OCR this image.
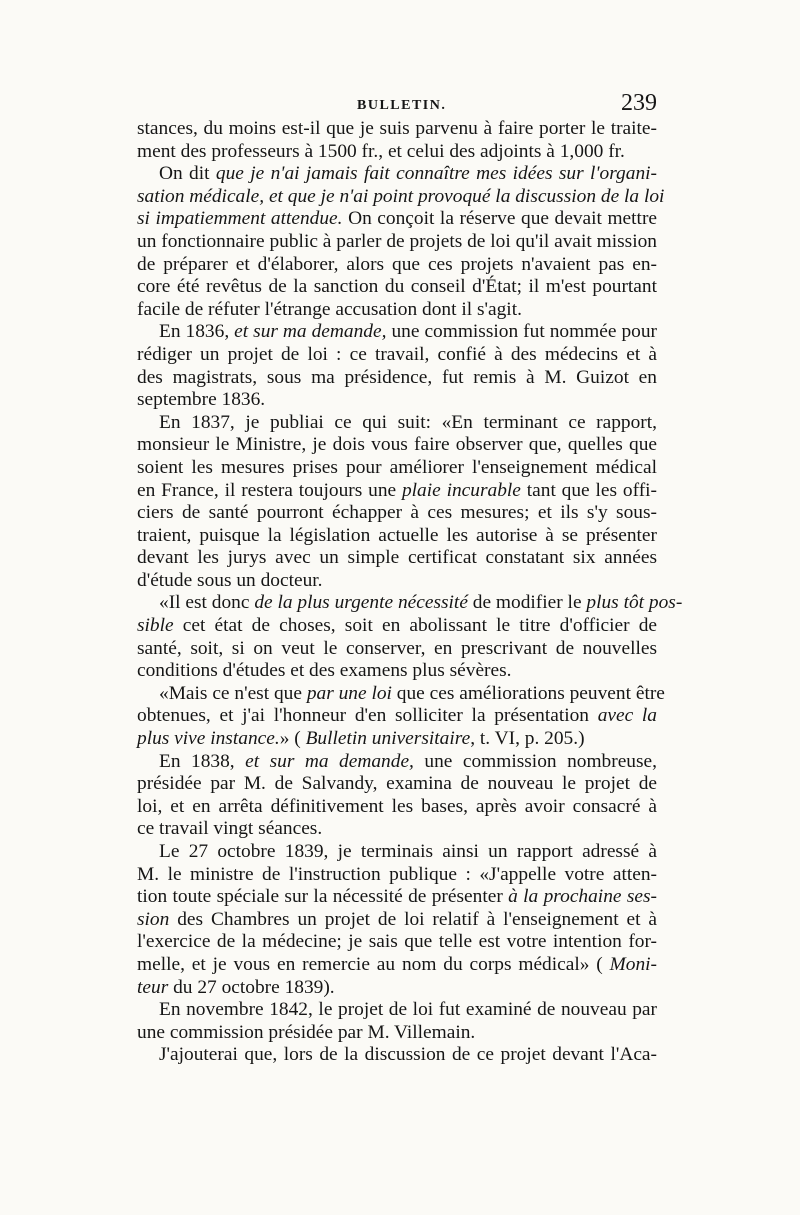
BULLETIN.	239
stances, du moins est-il que je suis parvenu à faire porter le traite-
ment des professeurs à 1500 fr., et celui des adjoints à 1,000 fr.
On dit que je n'ai jamais fait connaître mes idées sur l'organi-
sation médicale, et que je n'ai point provoqué la discussion de la loi
si impatiemment attendue. On conçoit la réserve que devait mettre
un fonctionnaire public à parler de projets de loi qu'il avait mission
de préparer et d'élaborer, alors que ces projets n'avaient pas en-
core été revêtus de la sanction du conseil d'État; il m'est pourtant
facile de réfuter l'étrange accusation dont il s'agit.
En 1836, et sur ma demande, une commission fut nommée pour
rédiger un projet de loi : ce travail, confié à des médecins et à
des magistrats, sous ma présidence, fut remis à M. Guizot en
septembre 1836.
En 1837, je publiai ce qui suit: «En terminant ce rapport,
monsieur le Ministre, je dois vous faire observer que, quelles que
soient les mesures prises pour améliorer l'enseignement médical
en France, il restera toujours une plaie incurable tant que les offi-
ciers de santé pourront échapper à ces mesures; et ils s'y sous-
traient, puisque la législation actuelle les autorise à se présenter
devant les jurys avec un simple certificat constatant six années
d'étude sous un docteur.
«Il est donc de la plus urgente nécessité de modifier le plus tôt pos-
sible cet état de choses, soit en abolissant le titre d'officier de
santé, soit, si on veut le conserver, en prescrivant de nouvelles
conditions d'études et des examens plus sévères.
«Mais ce n'est que par une loi que ces améliorations peuvent être
obtenues, et j'ai l'honneur d'en solliciter la présentation avec la
plus vive instance.» ( Bulletin universitaire, t. VI, p. 205.)
En 1838, et sur ma demande, une commission nombreuse,
présidée par M. de Salvandy, examina de nouveau le projet de
loi, et en arrêta définitivement les bases, après avoir consacré à
ce travail vingt séances.
Le 27 octobre 1839, je terminais ainsi un rapport adressé à
M. le ministre de l'instruction publique : «J'appelle votre atten-
tion toute spéciale sur la nécessité de présenter à la prochaine ses-
sion des Chambres un projet de loi relatif à l'enseignement et à
l'exercice de la médecine; je sais que telle est votre intention for-
melle, et je vous en remercie au nom du corps médical» ( Moni-
teur du 27 octobre 1839).
En novembre 1842, le projet de loi fut examiné de nouveau par
une commission présidée par M. Villemain.
J'ajouterai que, lors de la discussion de ce projet devant l'Aca-
